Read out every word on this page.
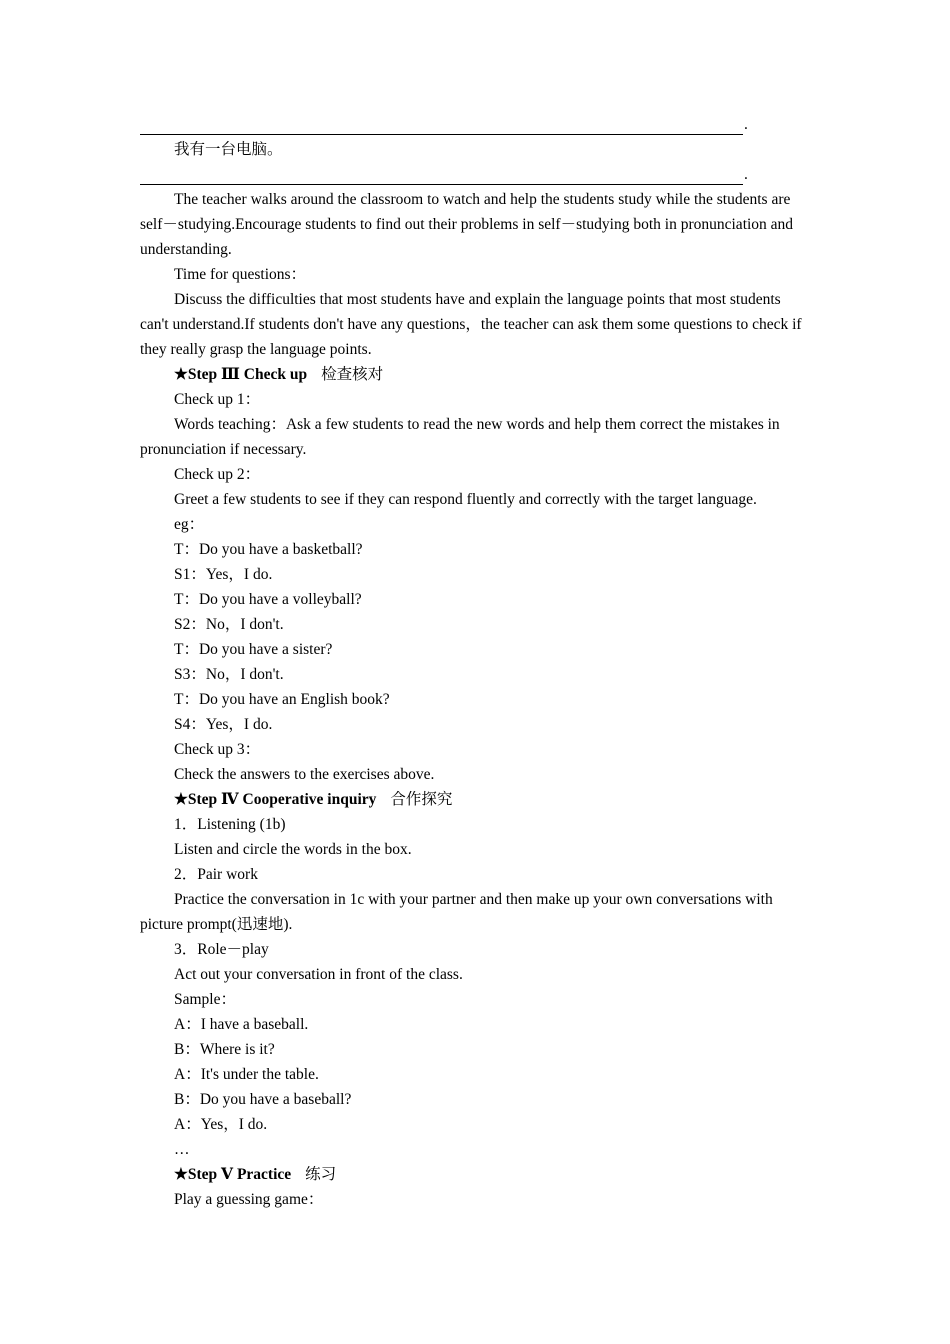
.

我有一台电脑。

.

The teacher walks around the classroom to watch and help the students study while the students are self－studying.Encourage students to find out their problems in self－studying both in pronunciation and understanding.

Time for questions：

Discuss the difficulties that most students have and explain the language points that most students can't understand.If students don't have any questions，the teacher can ask them some questions to check if they really grasp the language points.

★Step Ⅲ Check up 检查核对

Check up 1：

Words teaching：Ask a few students to read the new words and help them correct the mistakes in pronunciation if necessary.

Check up 2：

Greet a few students to see if they can respond fluently and correctly with the target language.

eg：

T：Do you have a basketball?

S1：Yes，I do.

T：Do you have a volleyball?

S2：No，I don't.

T：Do you have a sister?

S3：No，I don't.

T：Do you have an English book?

S4：Yes，I do.

Check up 3：

Check the answers to the exercises above.

★Step Ⅳ Cooperative inquiry 合作探究

1．Listening (1b)

Listen and circle the words in the box.

2．Pair work

Practice the conversation in 1c with your partner and then make up your own conversations with picture prompt(迅速地).

3．Role－play

Act out your conversation in front of the class.

Sample：

A：I have a baseball.

B：Where is it?

A：It's under the table.

B：Do you have a baseball?

A：Yes，I do.

…

★Step Ⅴ Practice 练习

Play a guessing game：
